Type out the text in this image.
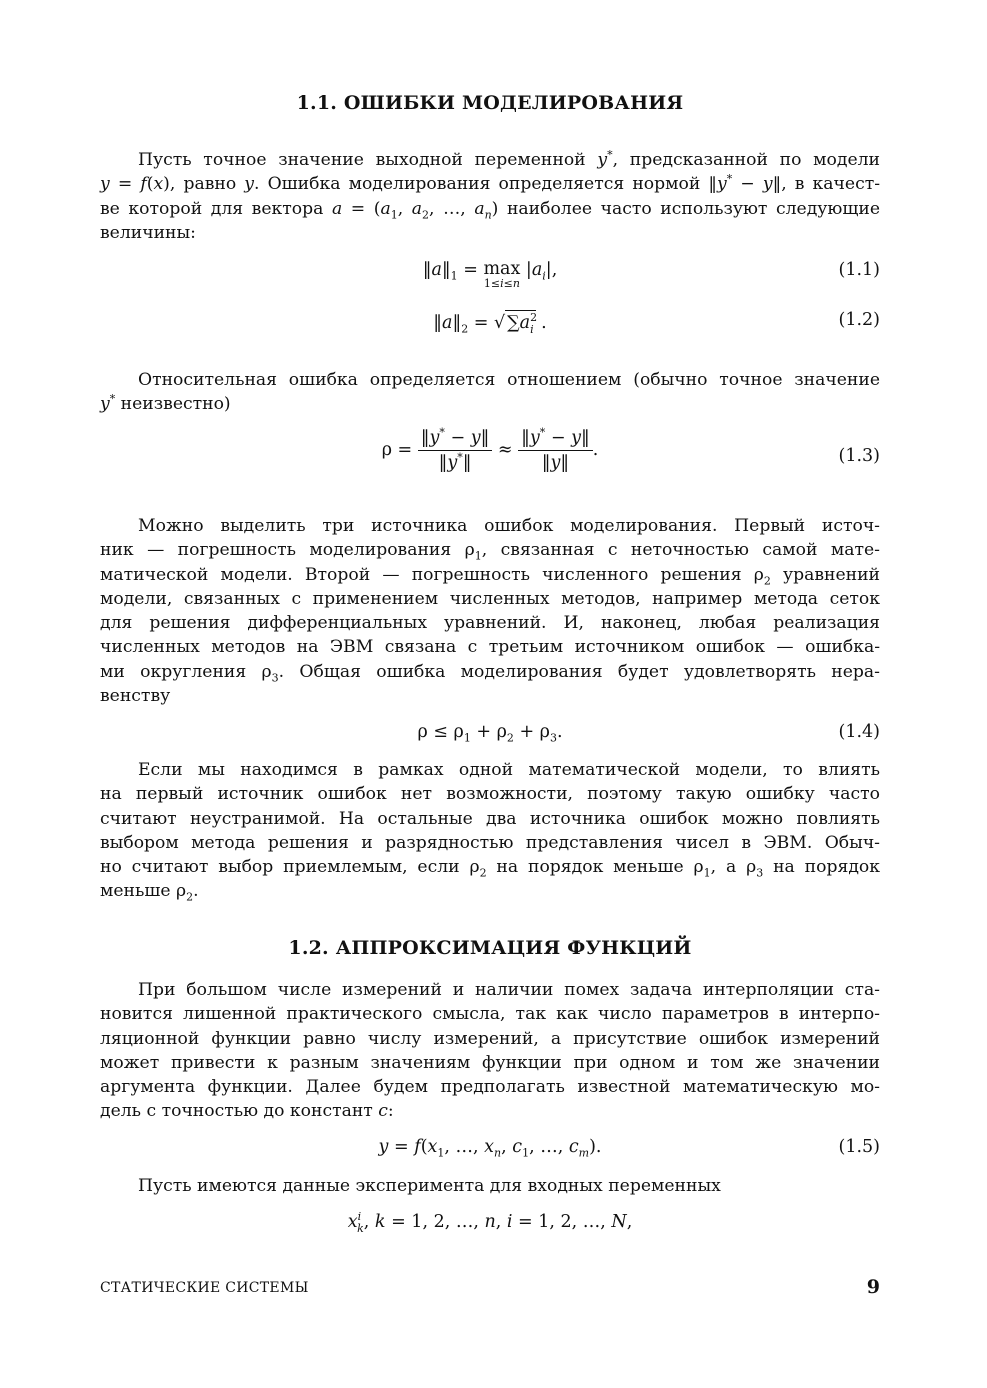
1.1. ОШИБКИ МОДЕЛИРОВАНИЯ
Пусть точное значение выходной переменной y*, предсказанной по модели
y = f(x), равно y. Ошибка моделирования определяется нормой ‖y* − y‖, в качест-
ве которой для вектора $a = (a_1$, $a_2$, …, $a_n$) наиболее часто используют следующие
величины:
$‖a‖_1 = \max$
1≤i≤n
$|a_i|$,	(1.1)
$‖a‖_2$ = √ $\sum a^2_i$ .	(1.2)
Относительная ошибка определяется отношением (обычно точное значение
y* неизвестно)
$\rho = \frac{‖y^* - y‖}{‖y^*‖} \approx \frac{‖y^* - y‖}{‖y‖}$ .	(1.3)
Можно выделить три источника ошибок моделирования. Первый источ-
ник — погрешность моделирования $\rho_1$, связанная с неточностью самой мате-
матической модели. Второй — погрешность численного решения $\rho_2$ уравнений
модели, связанных с применением численных методов, например метода сеток
для решения дифференциальных уравнений. И, наконец, любая реализация
численных методов на ЭВМ связана с третьим источником ошибок — ошибка-
ми округления $\rho_3$. Общая ошибка моделирования будет удовлетворять нера-
венству
$\rho \le \rho_1 + \rho_2 + \rho_3$.	(1.4)
Если мы находимся в рамках одной математической модели, то влиять
на первый источник ошибок нет возможности, поэтому такую ошибку часто
считают неустранимой. На остальные два источника ошибок можно повлиять
выбором метода решения и разрядностью представления чисел в ЭВМ. Обыч-
но считают выбор приемлемым, если $\rho_2$ на порядок меньше $\rho_1$, а $\rho_3$ на порядок
меньше $\rho_2$.
1.2. АППРОКСИМАЦИЯ ФУНКЦИЙ
При большом числе измерений и наличии помех задача интерполяции ста-
новится лишенной практического смысла, так как число параметров в интерпо-
ляционной функции равно числу измерений, а присутствие ошибок измерений
может привести к разным значениям функции при одном и том же значении
аргумента функции. Далее будем предполагать известной математическую мо-
дель с точностью до констант c:
$y = f(x_1$, …, $x_n$, $c_1$, …, $c_m$).	(1.5)
Пусть имеются данные эксперимента для входных переменных
$x^i_k$, k = 1, 2, …, n, i = 1, 2, …, N,
СТАТИЧЕСКИЕ СИСТЕМЫ	9
